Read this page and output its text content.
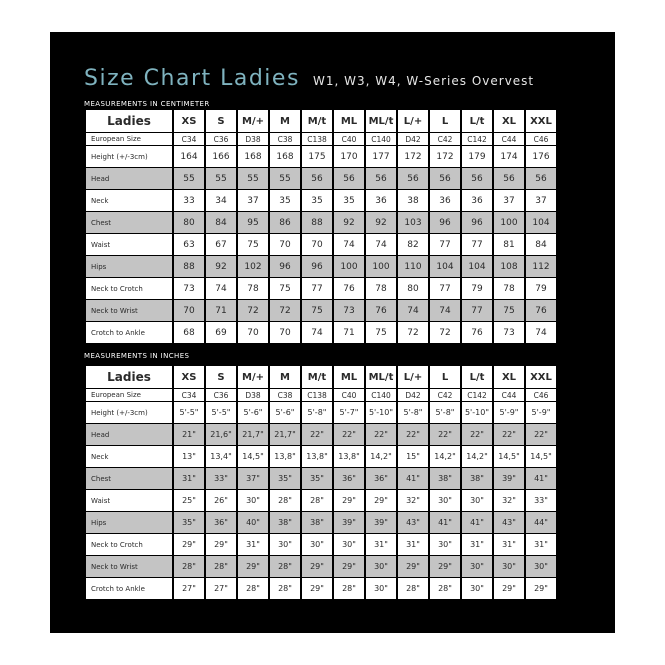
Size Chart Ladies W1, W3, W4, W-Series Overvest
MEASUREMENTS IN CENTIMETER
Ladies	XS	S	M/+	M	M/t	ML	ML/t	L/+	L	L/t	XL	XXL
European Size	C34	C36	D38	C38	C138	C40	C140	D42	C42	C142	C44	C46
Height (+/-3cm)	164	166	168	168	175	170	177	172	172	179	174	176
Head	55	55	55	55	56	56	56	56	56	56	56	56
Neck	33	34	37	35	35	35	36	38	36	36	37	37
Chest	80	84	95	86	88	92	92	103	96	96	100	104
Waist	63	67	75	70	70	74	74	82	77	77	81	84
Hips	88	92	102	96	96	100	100	110	104	104	108	112
Neck to Crotch	73	74	78	75	77	76	78	80	77	79	78	79
Neck to Wrist	70	71	72	72	75	73	76	74	74	77	75	76
Crotch to Ankle	68	69	70	70	74	71	75	72	72	76	73	74
MEASUREMENTS IN INCHES
Ladies	XS	S	M/+	M	M/t	ML	ML/t	L/+	L	L/t	XL	XXL
European Size	C34	C36	D38	C38	C138	C40	C140	D42	C42	C142	C44	C46
Height (+/-3cm)	5'-5"	5'-5"	5'-6"	5'-6"	5'-8"	5'-7"	5'-10"	5'-8"	5'-8"	5'-10"	5'-9"	5'-9"
Head	21"	21,6"	21,7"	21,7"	22"	22"	22"	22"	22"	22"	22"	22"
Neck	13"	13,4"	14,5"	13,8"	13,8"	13,8"	14,2"	15"	14,2"	14,2"	14,5"	14,5"
Chest	31"	33"	37"	35"	35"	36"	36"	41"	38"	38"	39"	41"
Waist	25"	26"	30"	28"	28"	29"	29"	32"	30"	30"	32"	33"
Hips	35"	36"	40"	38"	38"	39"	39"	43"	41"	41"	43"	44"
Neck to Crotch	29"	29"	31"	30"	30"	30"	31"	31"	30"	31"	31"	31"
Neck to Wrist	28"	28"	29"	28"	29"	29"	30"	29"	29"	30"	30"	30"
Crotch to Ankle	27"	27"	28"	28"	29"	28"	30"	28"	28"	30"	29"	29"
